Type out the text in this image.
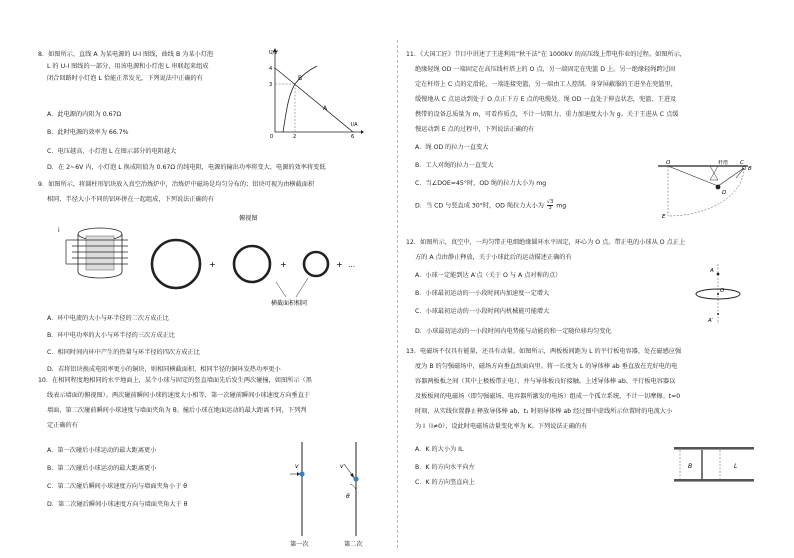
8．如图所示，直线 A 为某电源的 U-I 图线，曲线 B 为某小灯泡
L 的 U-I 图线的一部分，用该电源和小灯泡 L 串联起来组成
闭合回路时小灯泡 L 恰能正常发光，下列说法中正确的有
A．此电源的内阻为 0.67Ω
B．此时电源的效率为 66.7%
C．电压越高，小灯泡 L 在图示部分的电阻越大
D．在 2~6V 内，小灯泡 L 换成阻值为 0.67Ω 的纯电阻，电源的输出功率将变大，电源的效率将变低
U/V
I/A
4
3
0	2	6
A
B
9．如图所示，将圆柱形铝块放入真空冶炼炉中，冶炼炉中磁场是均匀分布的；铝块可视为由横截面积
相同、半径大小不同的铝环拼在一起组成，下列说法正确的有
i
俯视图
+	+	+ …
横截面积相同
A．环中电流的大小与环半径的二次方成正比
B．环中电功率的大小与环半径的三次方成正比
C．相同时间内环中产生的热量与环半径的四次方成正比
D．若将铝块换成电阻率更小的铜块，则相同横截面积、相同半径的铜环发热功率更小
10．在相同程度地相同的水平地面上，某个小球与固定的竖直墙面先后发生两次碰撞，如图所示（黑
线表示墙面的俯视图）。两次碰前瞬间小球的速度大小相等，第一次碰前瞬间小球速度方向垂直于
墙面，第二次碰前瞬间小球速度与墙面夹角为 θ。撞后小球在地面运动的最大距离不同，下列判
定正确的有
A．第一次碰后小球运动的最大距离更小
B．第二次碰后小球运动的最大距离更小
C．第二次碰后瞬间小球速度方向与墙面夹角小于 θ
D．第二次碰后瞬间小球速度方向与墙面夹角大于 θ
v	v
θ
第一次	第二次
11．《大国工匠》节目中讲述了王进利用“秋千法”在 1000kV 的高压线上带电作业的过程。如图所示，
绝缘轻绳 OD 一端固定在高压线杆塔上的 O 点，另一端固定在兜篮 D 上。另一绝缘轻绳跨过固
定在杆塔上 C 点的定滑轮，一端连接兜篮，另一端由工人控制。身穿屏蔽服的王进坐在兜篮里，
缓慢地从 C 点运动到处于 O 点正下方 E 点的电缆处。绳 OD 一直处于伸直状态，兜篮、王进及
携带的设备总质量为 m，可看作质点，不计一切阻力，重力加速度大小为 g。关于王进从 C 点缓
慢运动到 E 点的过程中，下列说法正确的有
A．绳 OD 的拉力一直变大
B．工人对绳的拉力一直变大
C．当∠DOE=45°时，OD 绳的拉力大小为 mg
D．当 CD 与竖直成 30°时，OD 绳拉力大小为 $\frac{√3}{3}$ mg
杆塔
O	C
B
D
E
12．如图所示，真空中，一均匀带正电细绝缘圆环水平固定，环心为 O 点。带正电的小球从 O 点正上
方的 A 点由静止释放，关于小球此后的运动描述正确的有
A．小球一定能到达 A′点（关于 O 与 A 点对称的点）
B．小球最初运动的一小段时间内加速度一定增大
C．小球最初运动的一小段时间内机械能可能增大
D．小球最初运动的一小段时间内电势能与动能的和一定随位移均匀变化
A
O
A′
13．电磁场不仅具有能量，还具有动量。如图所示，两板板间距为 L 的平行板电容器，处在磁感应强
度为 B 的匀强磁场中，磁场方向垂直纸面向里。将一长度为 L 的导体棒 ab 垂直放在充好电的电
容器两板板之间（其中上极板带正电），并与导体板良好接触。上述导体棒 ab、平行板电容器以
及板板间的电磁场（即匀强磁场、电容器所激发的电场）组成一个孤立系统，不计一切摩擦。t=0
时刻，从实线位置静止释放导体棒 ab，t₁ 时刻导体棒 ab 经过图中虚线所示位置时的电流大小
为 I（I≠0），设此时电磁场动量变化率为 K。下列说法正确的有
A．K 的大小为 IL
B．K 的方向水平向左
C．K 的方向竖直向上
B	L
